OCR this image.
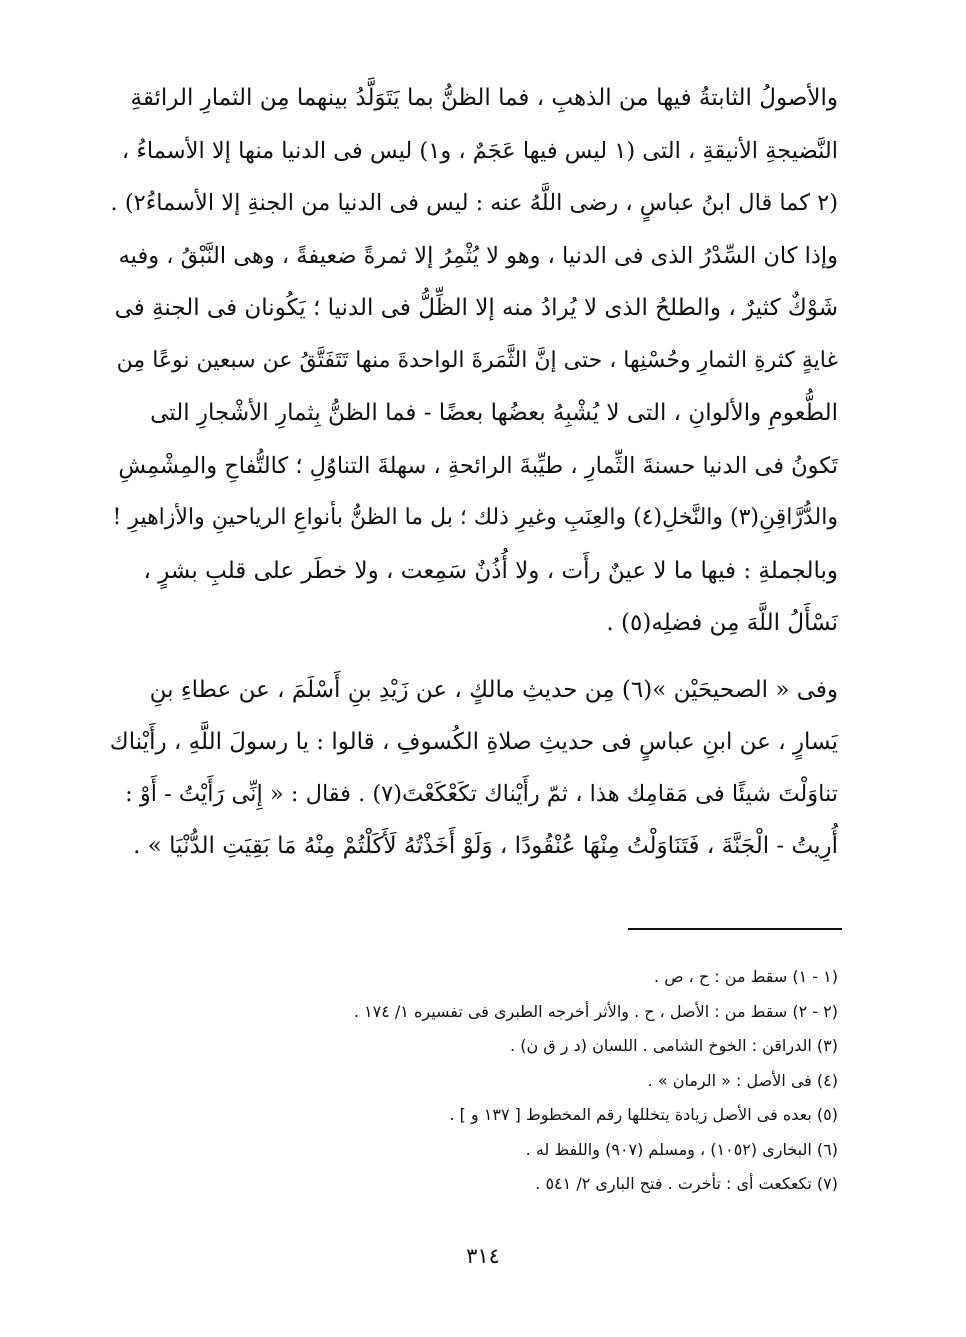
والأصولُ الثابتةُ فيها من الذهبِ ، فما الظنُّ بما يَتَوَلَّدُ بينهما مِن الثمارِ الرائقةِ
النَّضيجةِ الأنيقةِ ، التى (١ ليس فيها عَجَمٌ ، و١) ليس فى الدنيا منها إلا الأسماءُ ،
(٢ كما قال ابنُ عباسٍ ، رضى اللَّهُ عنه : ليس فى الدنيا من الجنةِ إلا الأسماءُ٢) .
وإذا كان السِّدْرُ الذى فى الدنيا ، وهو لا يُثْمِرُ إلا ثمرةً ضعيفةً ، وهى النَّبْقُ ، وفيه
شَوْكٌ كثيرٌ ، والطلحُ الذى لا يُرادُ منه إلا الظِّلُّ فى الدنيا ؛ يَكُونان فى الجنةِ فى
غايةٍ كثرةِ الثمارِ وحُسْنِها ، حتى إنَّ الثَّمَرةَ الواحدةَ منها تَتَفَتَّقُ عن سبعين نوعًا مِن
الطُّعومِ والألوانِ ، التى لا يُشْبِهُ بعضُها بعضًا - فما الظنُّ بِثمارِ الأشْجارِ التى
تَكونُ فى الدنيا حسنةَ الثِّمارِ ، طيِّبةَ الرائحةِ ، سهلةَ التناوُلِ ؛ كالتُّفاحِ والمِشْمِشِ
والدُّرَّاقِنِ(٣) والنَّخلِ(٤) والعِنَبِ وغيرِ ذلك ؛ بل ما الظنُّ بأنواعِ الرياحينِ والأزاهيرِ !
وبالجملةِ : فيها ما لا عينٌ رأَت ، ولا أُذُنٌ سَمِعت ، ولا خطَر على قلبِ بشرٍ ،
نَسْأَلُ اللَّهَ مِن فضلِه(٥) .
وفى « الصحيحَيْن »(٦) مِن حديثِ مالكٍ ، عن زَيْدِ بنِ أَسْلَمَ ، عن عطاءِ بنِ
يَسارٍ ، عن ابنِ عباسٍ فى حديثِ صلاةِ الكُسوفِ ، قالوا : يا رسولَ اللَّهِ ، رأَيْناك
تناوَلْتَ شيئًا فى مَقامِك هذا ، ثمّ رأَيْناك تكَعْكَعْتَ(٧) . فقال : « إِنِّى رَأَيْتُ - أَوْ :
أُرِيتُ - الْجَنَّةَ ، فَتَنَاوَلْتُ مِنْهَا عُنْقُودًا ، وَلَوْ أَخَذْتُهُ لَأَكَلْتُمْ مِنْهُ مَا بَقِيَتِ الدُّنْيَا » .
(١ - ١) سقط من : ح ، ص .
(٢ - ٢) سقط من : الأصل ، ح . والأثر أخرجه الطبرى فى تفسيره ١/ ١٧٤ .
(٣) الدراقن : الخوخ الشامى . اللسان (د ر ق ن) .
(٤) فى الأصل : « الرمان » .
(٥) بعده فى الأصل زيادة يتخللها رقم المخطوط [ ١٣٧ و ] .
(٦) البخارى (١٠٥٢) ، ومسلم (٩٠٧) واللفظ له .
(٧) تكعكعت أى : تأخرت . فتح البارى ٢/ ٥٤١ .
٣١٤
